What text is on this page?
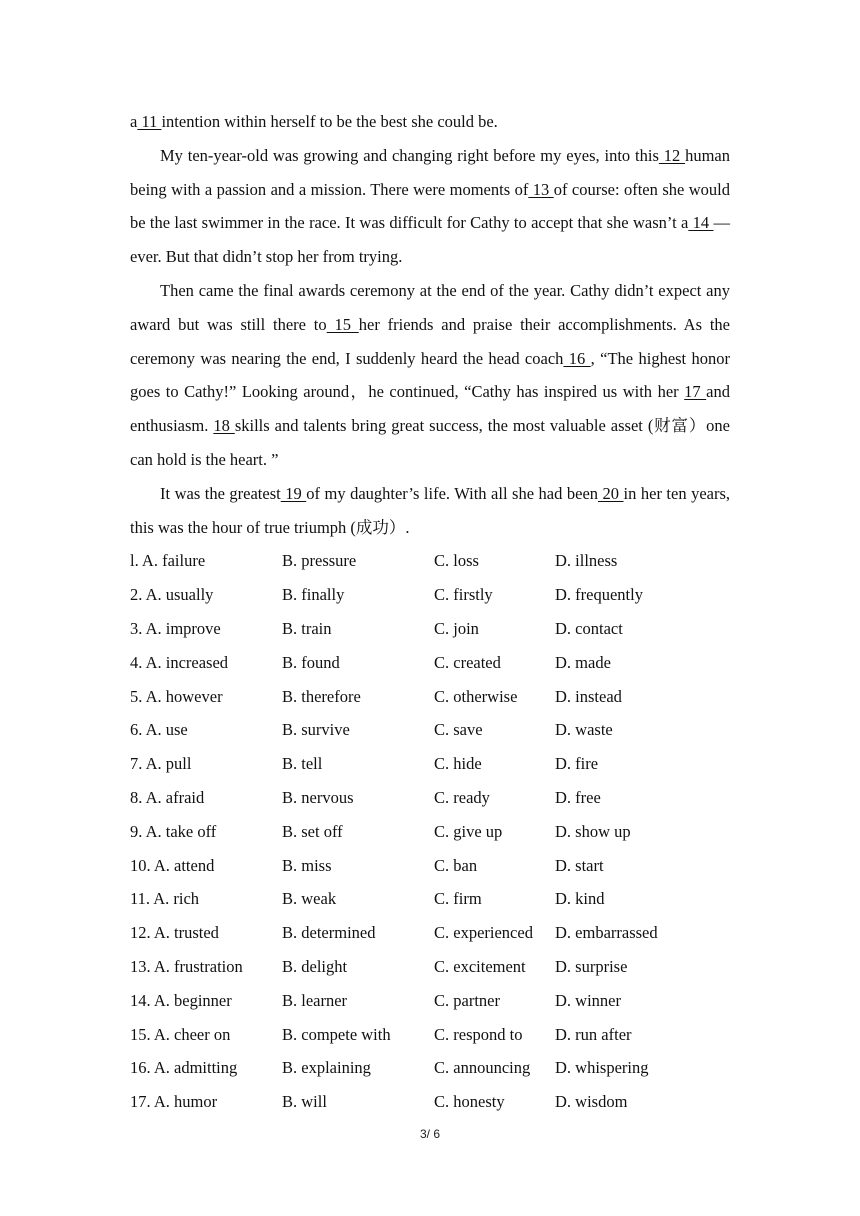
a 11 intention within herself to be the best she could be.

My ten-year-old was growing and changing right before my eyes, into this 12 human being with a passion and a mission. There were moments of 13 of course: often she would be the last swimmer in the race. It was difficult for Cathy to accept that she wasn’t a 14 —ever. But that didn’t stop her from trying.

Then came the final awards ceremony at the end of the year. Cathy didn’t expect any award but was still there to 15 her friends and praise their accomplishments. As the ceremony was nearing the end, I suddenly heard the head coach 16 , “The highest honor goes to Cathy!” Looking around，he continued, “Cathy has inspired us with her 17 and enthusiasm. 18 skills and talents bring great success, the most valuable asset (财富）one can hold is the heart. ”

It was the greatest 19 of my daughter’s life. With all she had been 20 in her ten years, this was the hour of true triumph (成功）.

l. A. failure	B. pressure	C. loss	D. illness
2. A. usually	B. finally	C. firstly	D. frequently
3. A. improve	B. train	C. join	D. contact
4. A. increased	B. found	C. created	D. made
5. A. however	B. therefore	C. otherwise	D. instead
6. A. use	B. survive	C. save	D. waste
7. A. pull	B. tell	C. hide	D. fire
8. A. afraid	B. nervous	C. ready	D. free
9. A. take off	B. set off	C. give up	D. show up
10. A. attend	B. miss	C. ban	D. start
11. A. rich	B. weak	C. firm	D. kind
12. A. trusted	B. determined	C. experienced	D. embarrassed
13. A. frustration	B. delight	C. excitement	D. surprise
14. A. beginner	B. learner	C. partner	D. winner
15. A. cheer on	B. compete with	C. respond to	D. run after
16. A. admitting	B. explaining	C. announcing	D. whispering
17. A. humor	B. will	C. honesty	D. wisdom
3/ 6
